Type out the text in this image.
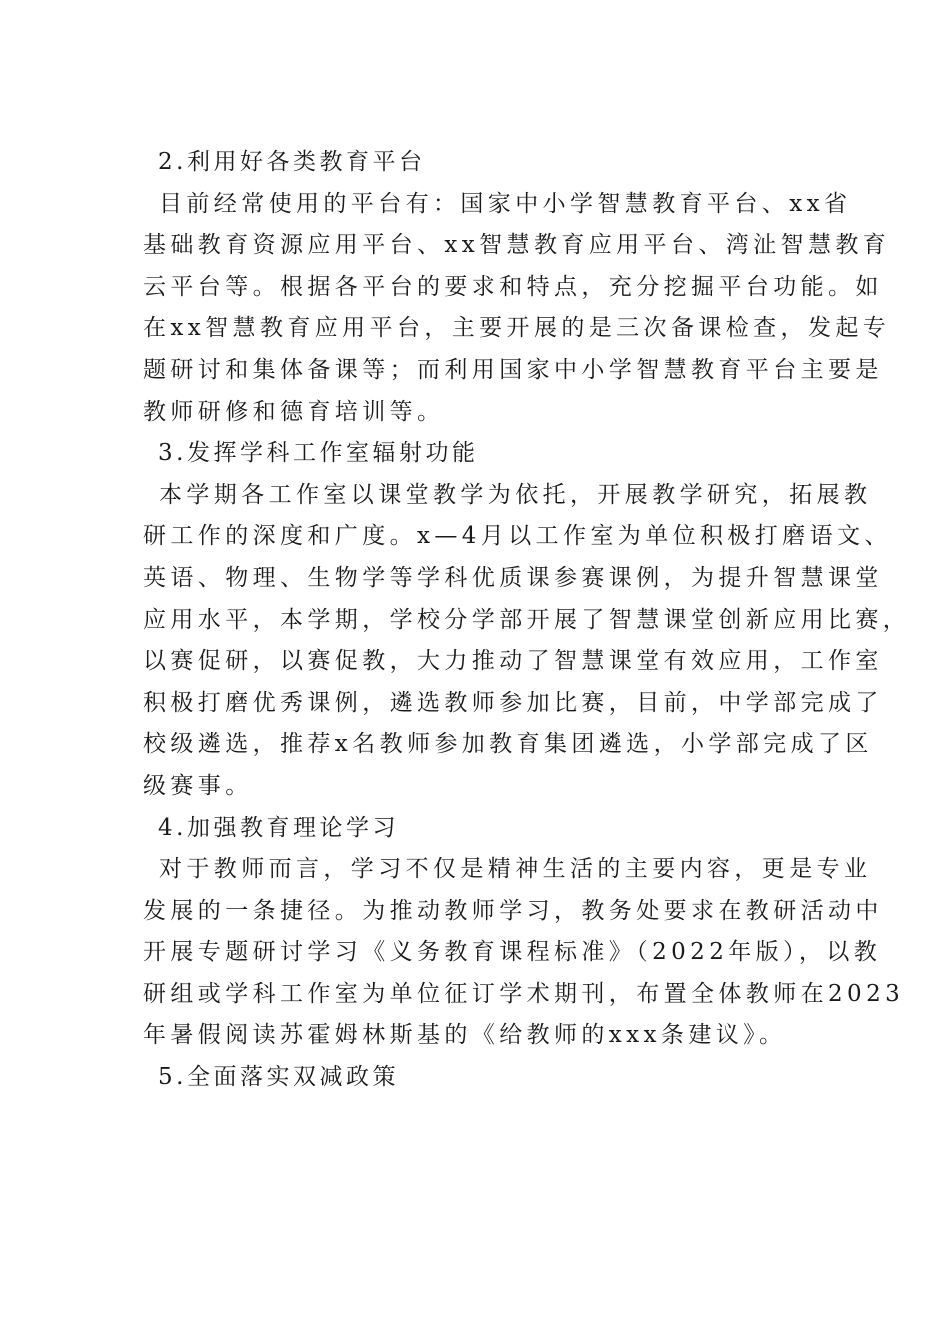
2.利用好各类教育平台
目前经常使用的平台有：国家中小学智慧教育平台、xx省
基础教育资源应用平台、xx智慧教育应用平台、湾沚智慧教育
云平台等。根据各平台的要求和特点，充分挖掘平台功能。如
在xx智慧教育应用平台，主要开展的是三次备课检查，发起专
题研讨和集体备课等；而利用国家中小学智慧教育平台主要是
教师研修和德育培训等。
3.发挥学科工作室辐射功能
本学期各工作室以课堂教学为依托，开展教学研究，拓展教
研工作的深度和广度。x—4月以工作室为单位积极打磨语文、
英语、物理、生物学等学科优质课参赛课例，为提升智慧课堂
应用水平，本学期，学校分学部开展了智慧课堂创新应用比赛，
以赛促研，以赛促教，大力推动了智慧课堂有效应用，工作室
积极打磨优秀课例，遴选教师参加比赛，目前，中学部完成了
校级遴选，推荐x名教师参加教育集团遴选，小学部完成了区
级赛事。
4.加强教育理论学习
对于教师而言，学习不仅是精神生活的主要内容，更是专业
发展的一条捷径。为推动教师学习，教务处要求在教研活动中
开展专题研讨学习《义务教育课程标准》（2022年版），以教
研组或学科工作室为单位征订学术期刊，布置全体教师在2023
年暑假阅读苏霍姆林斯基的《给教师的xxx条建议》。
5.全面落实双减政策
